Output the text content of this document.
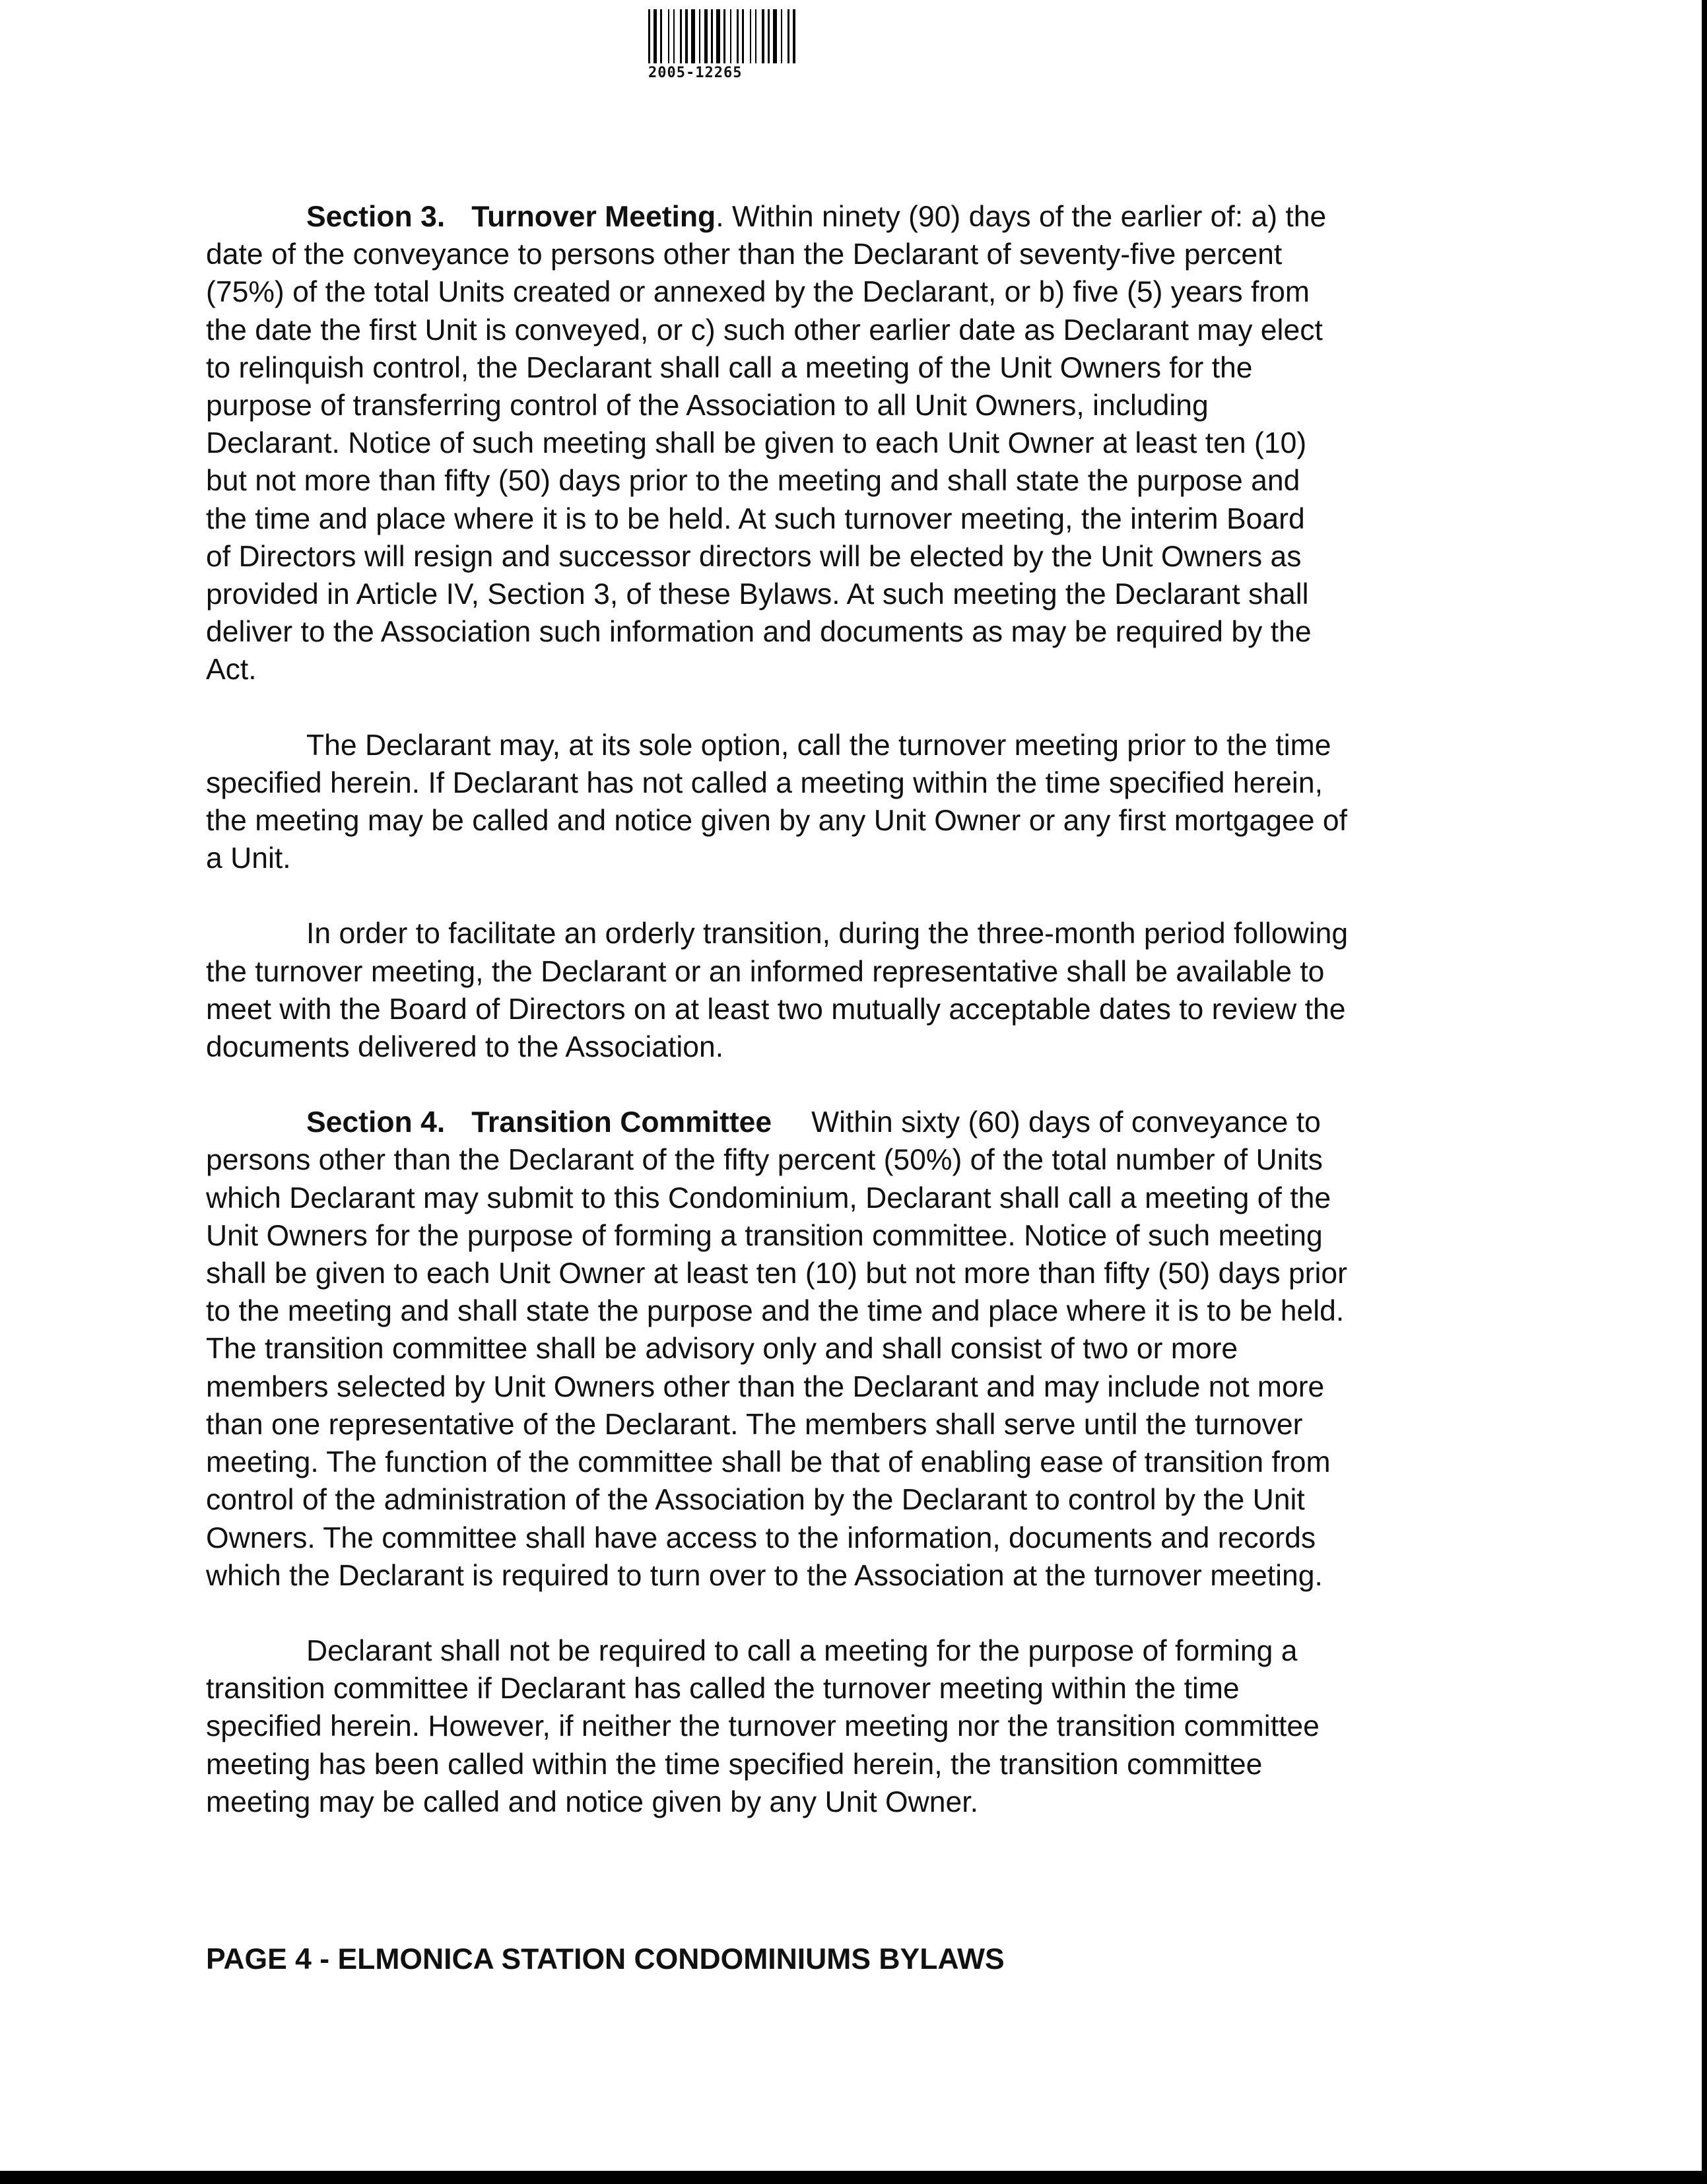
2005-12265

Section 3. Turnover Meeting. Within ninety (90) days of the earlier of: a) the
date of the conveyance to persons other than the Declarant of seventy-five percent
(75%) of the total Units created or annexed by the Declarant, or b) five (5) years from
the date the first Unit is conveyed, or c) such other earlier date as Declarant may elect
to relinquish control, the Declarant shall call a meeting of the Unit Owners for the
purpose of transferring control of the Association to all Unit Owners, including
Declarant. Notice of such meeting shall be given to each Unit Owner at least ten (10)
but not more than fifty (50) days prior to the meeting and shall state the purpose and
the time and place where it is to be held. At such turnover meeting, the interim Board
of Directors will resign and successor directors will be elected by the Unit Owners as
provided in Article IV, Section 3, of these Bylaws. At such meeting the Declarant shall
deliver to the Association such information and documents as may be required by the
Act.

The Declarant may, at its sole option, call the turnover meeting prior to the time
specified herein. If Declarant has not called a meeting within the time specified herein,
the meeting may be called and notice given by any Unit Owner or any first mortgagee of
a Unit.

In order to facilitate an orderly transition, during the three-month period following
the turnover meeting, the Declarant or an informed representative shall be available to
meet with the Board of Directors on at least two mutually acceptable dates to review the
documents delivered to the Association.

Section 4. Transition Committee Within sixty (60) days of conveyance to
persons other than the Declarant of the fifty percent (50%) of the total number of Units
which Declarant may submit to this Condominium, Declarant shall call a meeting of the
Unit Owners for the purpose of forming a transition committee. Notice of such meeting
shall be given to each Unit Owner at least ten (10) but not more than fifty (50) days prior
to the meeting and shall state the purpose and the time and place where it is to be held.
The transition committee shall be advisory only and shall consist of two or more
members selected by Unit Owners other than the Declarant and may include not more
than one representative of the Declarant. The members shall serve until the turnover
meeting. The function of the committee shall be that of enabling ease of transition from
control of the administration of the Association by the Declarant to control by the Unit
Owners. The committee shall have access to the information, documents and records
which the Declarant is required to turn over to the Association at the turnover meeting.

Declarant shall not be required to call a meeting for the purpose of forming a
transition committee if Declarant has called the turnover meeting within the time
specified herein. However, if neither the turnover meeting nor the transition committee
meeting has been called within the time specified herein, the transition committee
meeting may be called and notice given by any Unit Owner.

PAGE 4 - ELMONICA STATION CONDOMINIUMS BYLAWS
